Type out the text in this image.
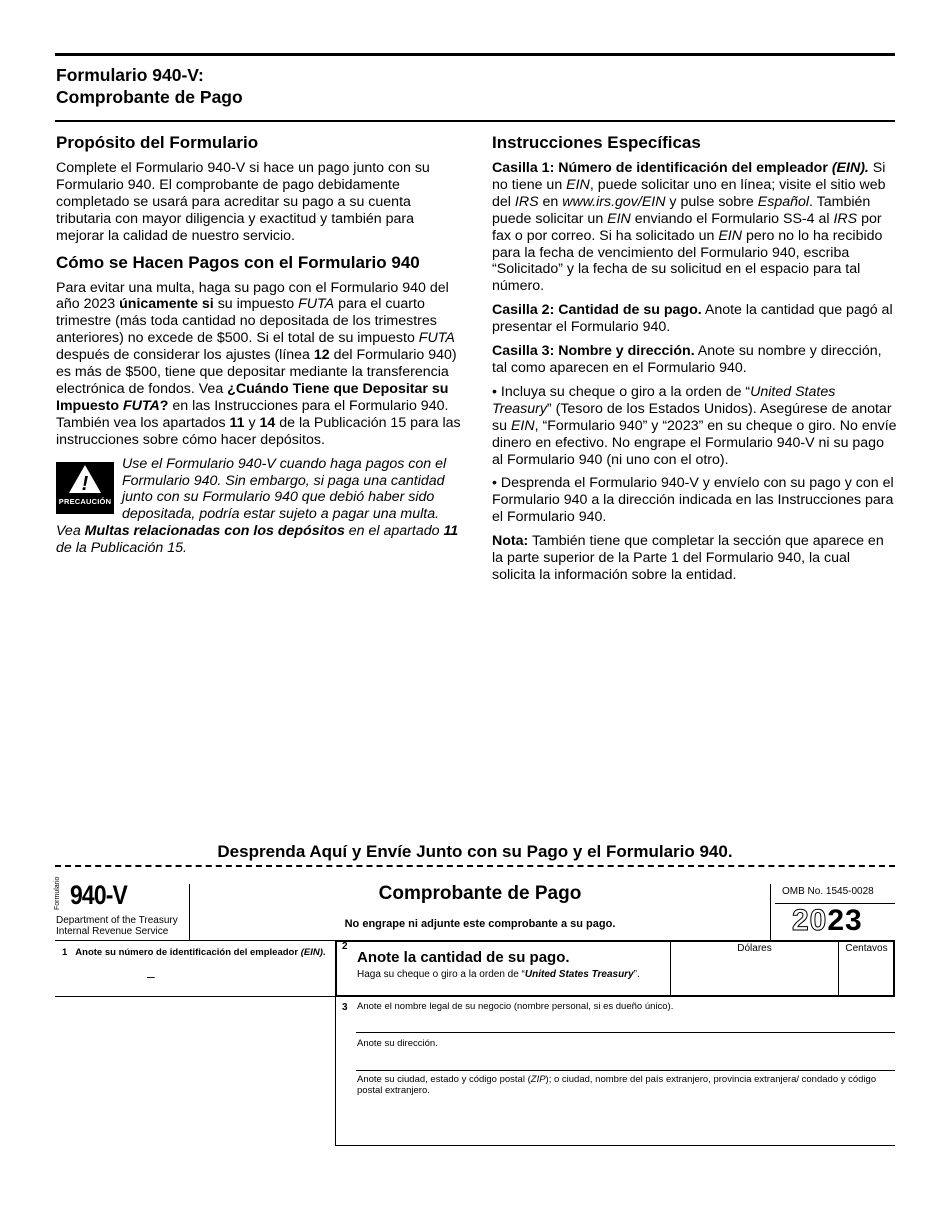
Formulario 940-V:
Comprobante de Pago
Propósito del Formulario

Complete el Formulario 940-V si hace un pago junto con su Formulario 940. El comprobante de pago debidamente completado se usará para acreditar su pago a su cuenta tributaria con mayor diligencia y exactitud y también para mejorar la calidad de nuestro servicio.

Cómo se Hacen Pagos con el Formulario 940

Para evitar una multa, haga su pago con el Formulario 940 del año 2023 únicamente si su impuesto FUTA para el cuarto trimestre (más toda cantidad no depositada de los trimestres anteriores) no excede de $500. Si el total de su impuesto FUTA después de considerar los ajustes (línea 12 del Formulario 940) es más de $500, tiene que depositar mediante la transferencia electrónica de fondos. Vea ¿Cuándo Tiene que Depositar su Impuesto FUTA? en las Instrucciones para el Formulario 940. También vea los apartados 11 y 14 de la Publicación 15 para las instrucciones sobre cómo hacer depósitos.

!
PRECAUCIÓN
Use el Formulario 940-V cuando haga pagos con el Formulario 940. Sin embargo, si paga una cantidad junto con su Formulario 940 que debió haber sido depositada, podría estar sujeto a pagar una multa. Vea Multas relacionadas con los depósitos en el apartado 11 de la Publicación 15.
Instrucciones Específicas

Casilla 1: Número de identificación del empleador (EIN). Si no tiene un EIN, puede solicitar uno en línea; visite el sitio web del IRS en www.irs.gov/EIN y pulse sobre Español. También puede solicitar un EIN enviando el Formulario SS-4 al IRS por fax o por correo. Si ha solicitado un EIN pero no lo ha recibido para la fecha de vencimiento del Formulario 940, escriba “Solicitado” y la fecha de su solicitud en el espacio para tal número.

Casilla 2: Cantidad de su pago. Anote la cantidad que pagó al presentar el Formulario 940.

Casilla 3: Nombre y dirección. Anote su nombre y dirección, tal como aparecen en el Formulario 940.

• Incluya su cheque o giro a la orden de “United States Treasury” (Tesoro de los Estados Unidos). Asegúrese de anotar su EIN, “Formulario 940” y “2023” en su cheque o giro. No envíe dinero en efectivo. No engrape el Formulario 940-V ni su pago al Formulario 940 (ni uno con el otro).

• Desprenda el Formulario 940-V y envíelo con su pago y con el Formulario 940 a la dirección indicada en las Instrucciones para el Formulario 940.

Nota: También tiene que completar la sección que aparece en la parte superior de la Parte 1 del Formulario 940, la cual solicita la información sobre la entidad.

Desprenda Aquí y Envíe Junto con su Pago y el Formulario 940.
Formulario 940-V
Department of the Treasury
Internal Revenue Service
Comprobante de Pago
No engrape ni adjunte este comprobante a su pago.
OMB No. 1545-0028
2023
1 Anote su número de identificación del empleador (EIN).
–
2
Anote la cantidad de su pago.
Haga su cheque o giro a la orden de “United States Treasury”.
Dólares	Centavos
3 Anote el nombre legal de su negocio (nombre personal, si es dueño único).
Anote su dirección.
Anote su ciudad, estado y código postal (ZIP); o ciudad, nombre del país extranjero, provincia extranjera/ condado y código postal extranjero.
